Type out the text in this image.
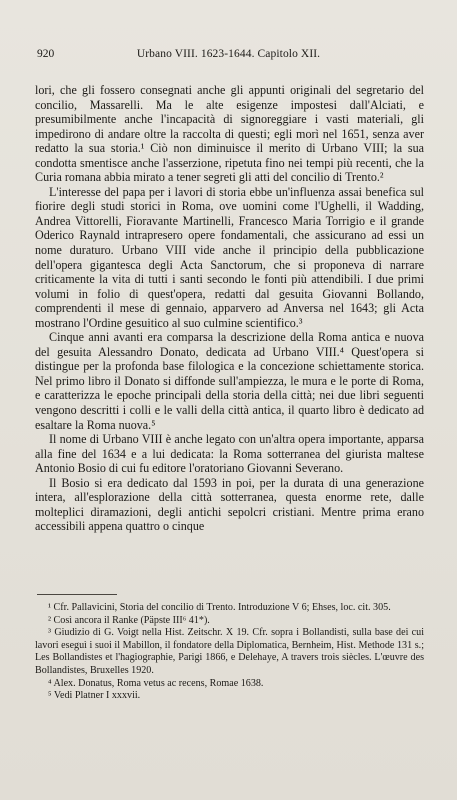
920	Urbano VIII. 1623-1644. Capitolo XII.

lori, che gli fossero consegnati anche gli appunti originali del segretario del concilio, Massarelli. Ma le alte esigenze impostesi dall'Alciati, e presumibilmente anche l'incapacità di signoreggiare i vasti materiali, gli impedirono di andare oltre la raccolta di questi; egli morì nel 1651, senza aver redatto la sua storia.¹ Ciò non diminuisce il merito di Urbano VIII; la sua condotta smentisce anche l'asserzione, ripetuta fino nei tempi più recenti, che la Curia romana abbia mirato a tener segreti gli atti del concilio di Trento.²

L'interesse del papa per i lavori di storia ebbe un'influenza assai benefica sul fiorire degli studi storici in Roma, ove uomini come l'Ughelli, il Wadding, Andrea Vittorelli, Fioravante Martinelli, Francesco Maria Torrigio e il grande Oderico Raynald intrapresero opere fondamentali, che assicurano ad essi un nome duraturo. Urbano VIII vide anche il principio della pubblicazione dell'opera gigantesca degli Acta Sanctorum, che si proponeva di narrare criticamente la vita di tutti i santi secondo le fonti più attendibili. I due primi volumi in folio di quest'opera, redatti dal gesuita Giovanni Bollando, comprendenti il mese di gennaio, apparvero ad Anversa nel 1643; gli Acta mostrano l'Ordine gesuitico al suo culmine scientifico.³

Cinque anni avanti era comparsa la descrizione della Roma antica e nuova del gesuita Alessandro Donato, dedicata ad Urbano VIII.⁴ Quest'opera si distingue per la profonda base filologica e la concezione schiettamente storica. Nel primo libro il Donato si diffonde sull'ampiezza, le mura e le porte di Roma, e caratterizza le epoche principali della storia della città; nei due libri seguenti vengono descritti i colli e le valli della città antica, il quarto libro è dedicato ad esaltare la Roma nuova.⁵

Il nome di Urbano VIII è anche legato con un'altra opera importante, apparsa alla fine del 1634 e a lui dedicata: la Roma sotterranea del giurista maltese Antonio Bosio di cui fu editore l'oratoriano Giovanni Severano.

Il Bosio si era dedicato dal 1593 in poi, per la durata di una generazione intera, all'esplorazione della città sotterranea, questa enorme rete, dalle molteplici diramazioni, degli antichi sepolcri cristiani. Mentre prima erano accessibili appena quattro o cinque

¹ Cfr. Pallavicini, Storia del concilio di Trento. Introduzione V 6; Ehses, loc. cit. 305.

² Così ancora il Ranke (Päpste III⁶ 41*).

³ Giudizio di G. Voigt nella Hist. Zeitschr. X 19. Cfr. sopra i Bollandisti, sulla base dei cui lavori eseguì i suoi il Mabillon, il fondatore della Diplomatica, Bernheim, Hist. Methode 131 s.; Les Bollandistes et l'hagiographie, Parigi 1866, e Delehaye, A travers trois siècles. L'œuvre des Bollandistes, Bruxelles 1920.

⁴ Alex. Donatus, Roma vetus ac recens, Romae 1638.

⁵ Vedi Platner I xxxvii.
